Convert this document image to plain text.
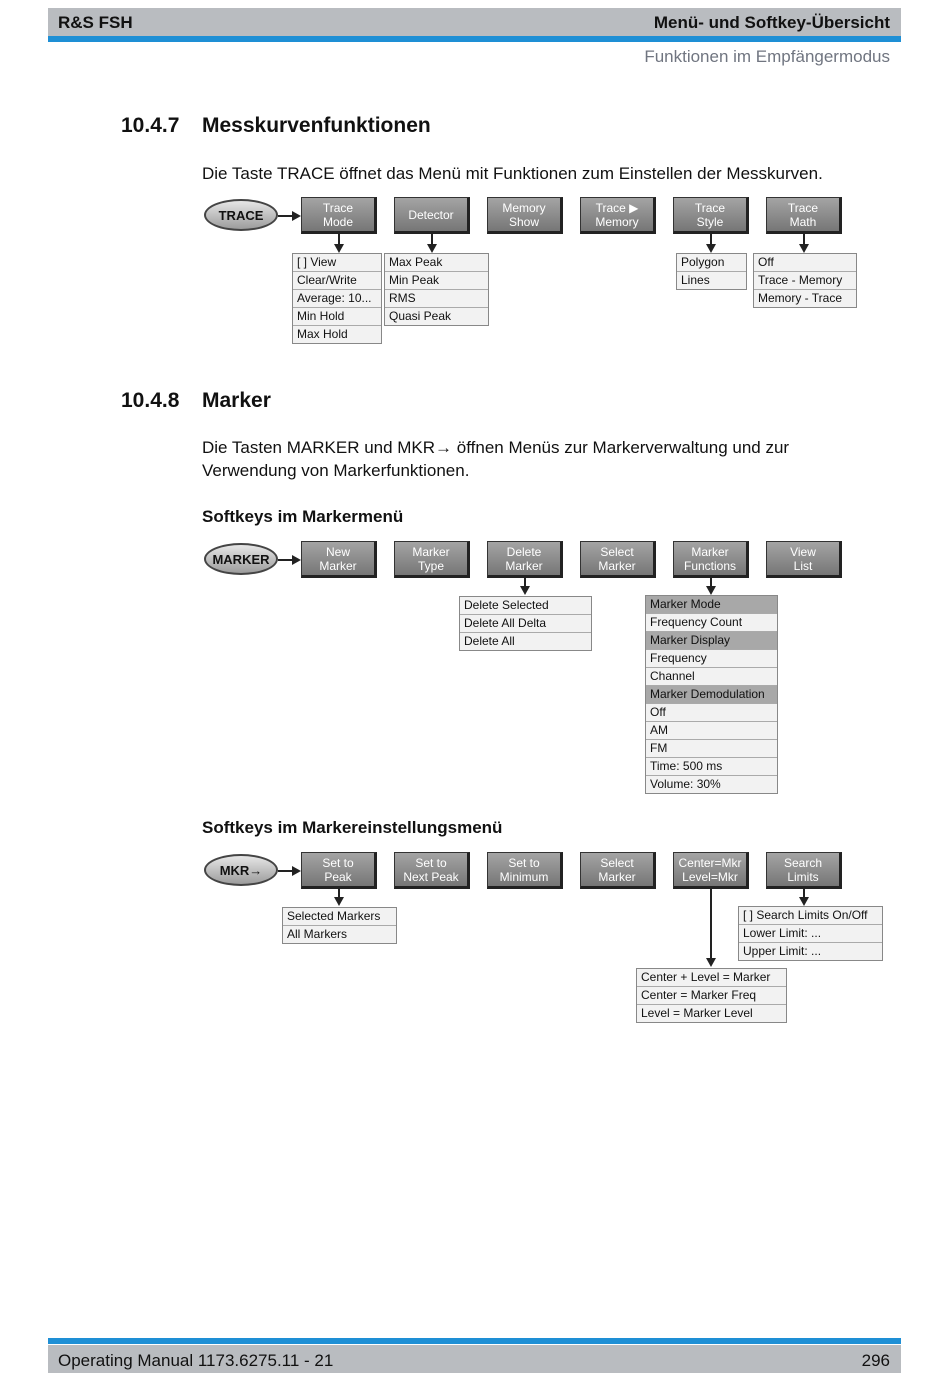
R&S FSH	Menü- und Softkey-Übersicht
Funktionen im Empfängermodus
10.4.7 Messkurvenfunktionen
Die Taste TRACE öffnet das Menü mit Funktionen zum Einstellen der Messkurven.
10.4.8 Marker
Die Tasten MARKER und MKR→ öffnen Menüs zur Markerverwaltung und zur
Verwendung von Markerfunktionen.
Softkeys im Markermenü
Softkeys im Markereinstellungsmenü
TRACE	Trace
Mode	Detector	Memory
Show
Trace ▶
Memory
Trace
Style
Trace
Math
[ ] View
Clear/Write
Average: 10...
Min Hold
Max Hold
Max Peak
Min Peak
RMS
Quasi Peak
Polygon
Lines
Off
Trace - Memory
Memory - Trace
MARKER	New
Marker
Marker
Type
Delete
Marker
Select
Marker
Marker
Functions
View
List
Delete Selected
Delete All Delta
Delete All
Marker Mode
Frequency Count
Marker Display
Frequency
Channel
Marker Demodulation
Off
AM
FM
Time: 500 ms
Volume: 30%
MKR→	Set to
Peak
Set to
Next Peak
Set to
Minimum
Select
Marker
Center=Mkr
Level=Mkr
Search
Limits
Selected Markers
All Markers
[ ] Search Limits On/Off
Lower Limit: ...
Upper Limit: ...
Center + Level = Marker
Center = Marker Freq
Level = Marker Level
Operating Manual 1173.6275.11 - 21	296
